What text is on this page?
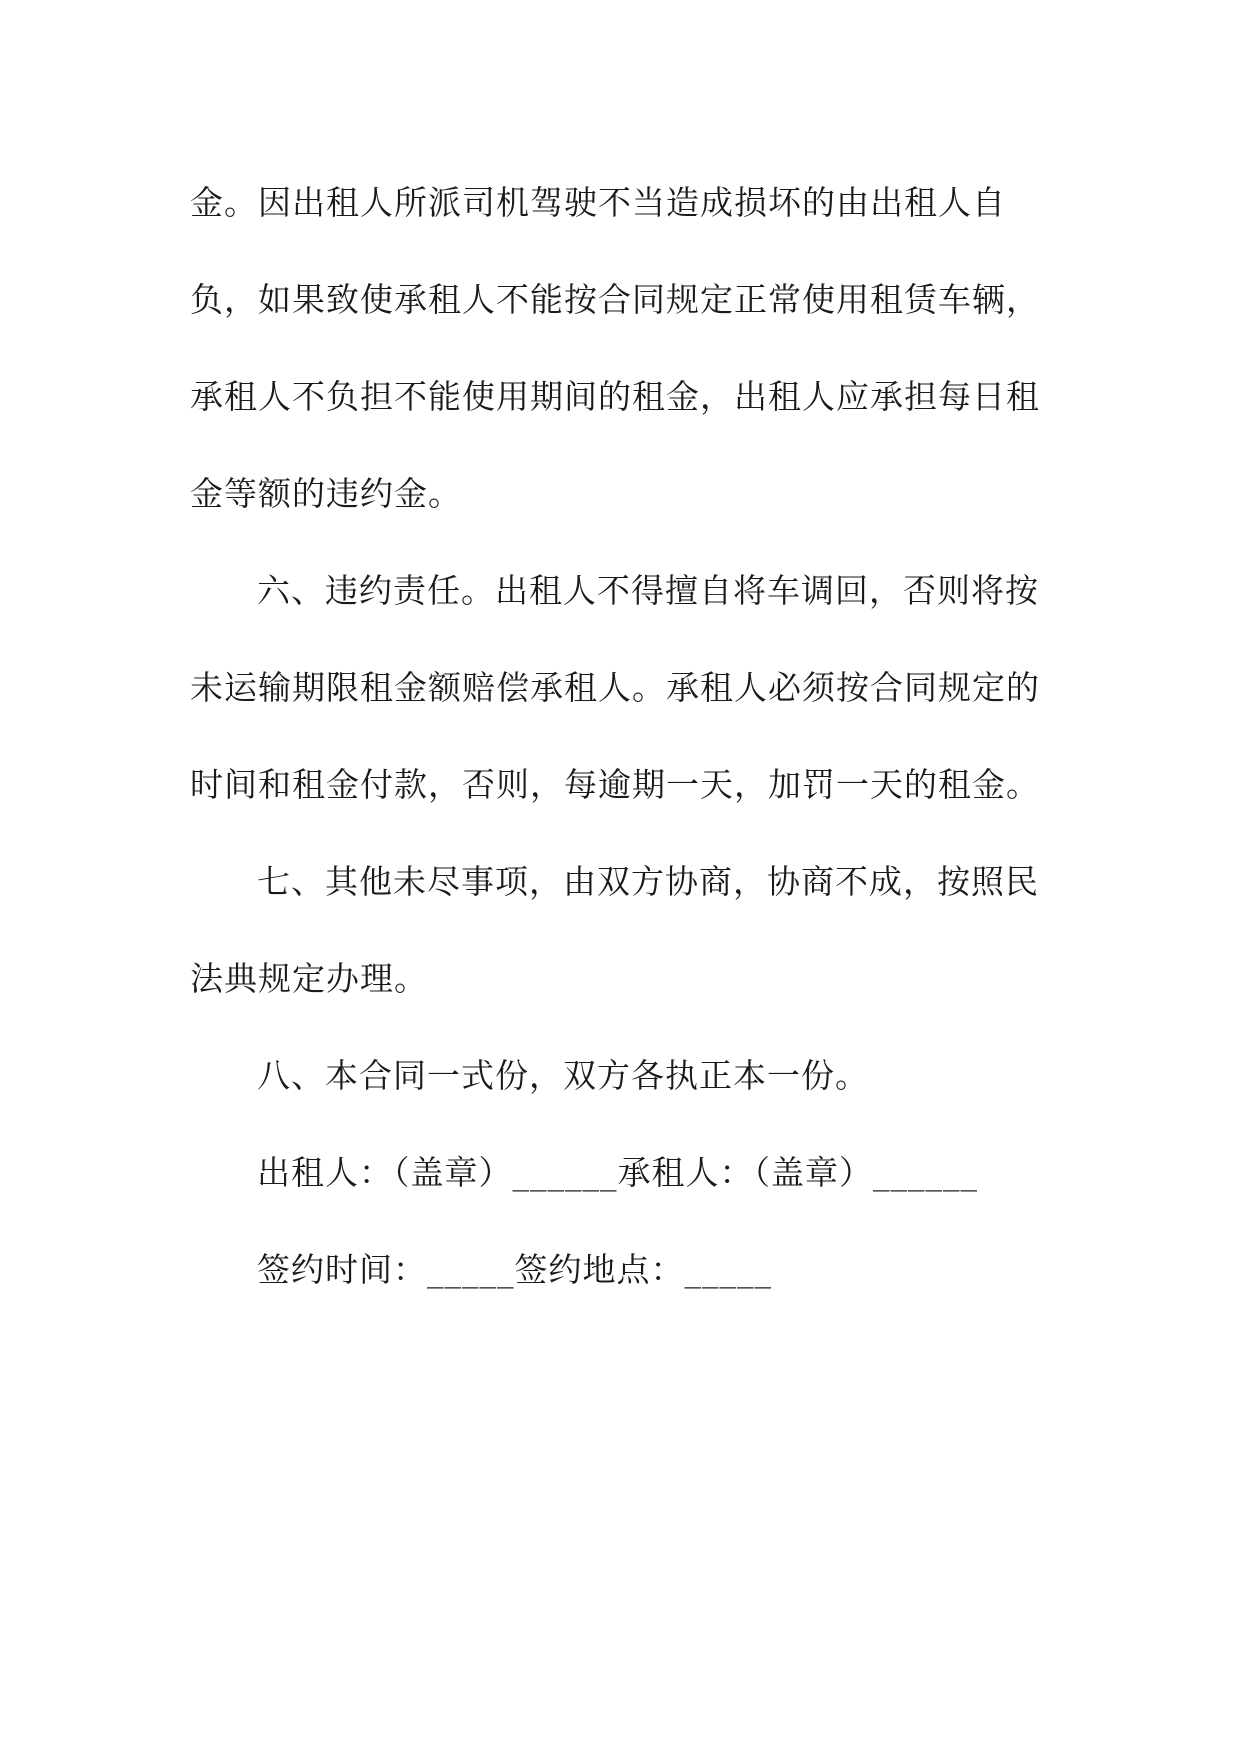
金。因出租人所派司机驾驶不当造成损坏的由出租人自
负，如果致使承租人不能按合同规定正常使用租赁车辆，
承租人不负担不能使用期间的租金，出租人应承担每日租
金等额的违约金。
六、违约责任。出租人不得擅自将车调回，否则将按
未运输期限租金额赔偿承租人。承租人必须按合同规定的
时间和租金付款，否则，每逾期一天，加罚一天的租金。
七、其他未尽事项，由双方协商，协商不成，按照民
法典规定办理。
八、本合同一式份，双方各执正本一份。
出租人：（盖章）______承租人：（盖章）______
签约时间：_____签约地点：_____
